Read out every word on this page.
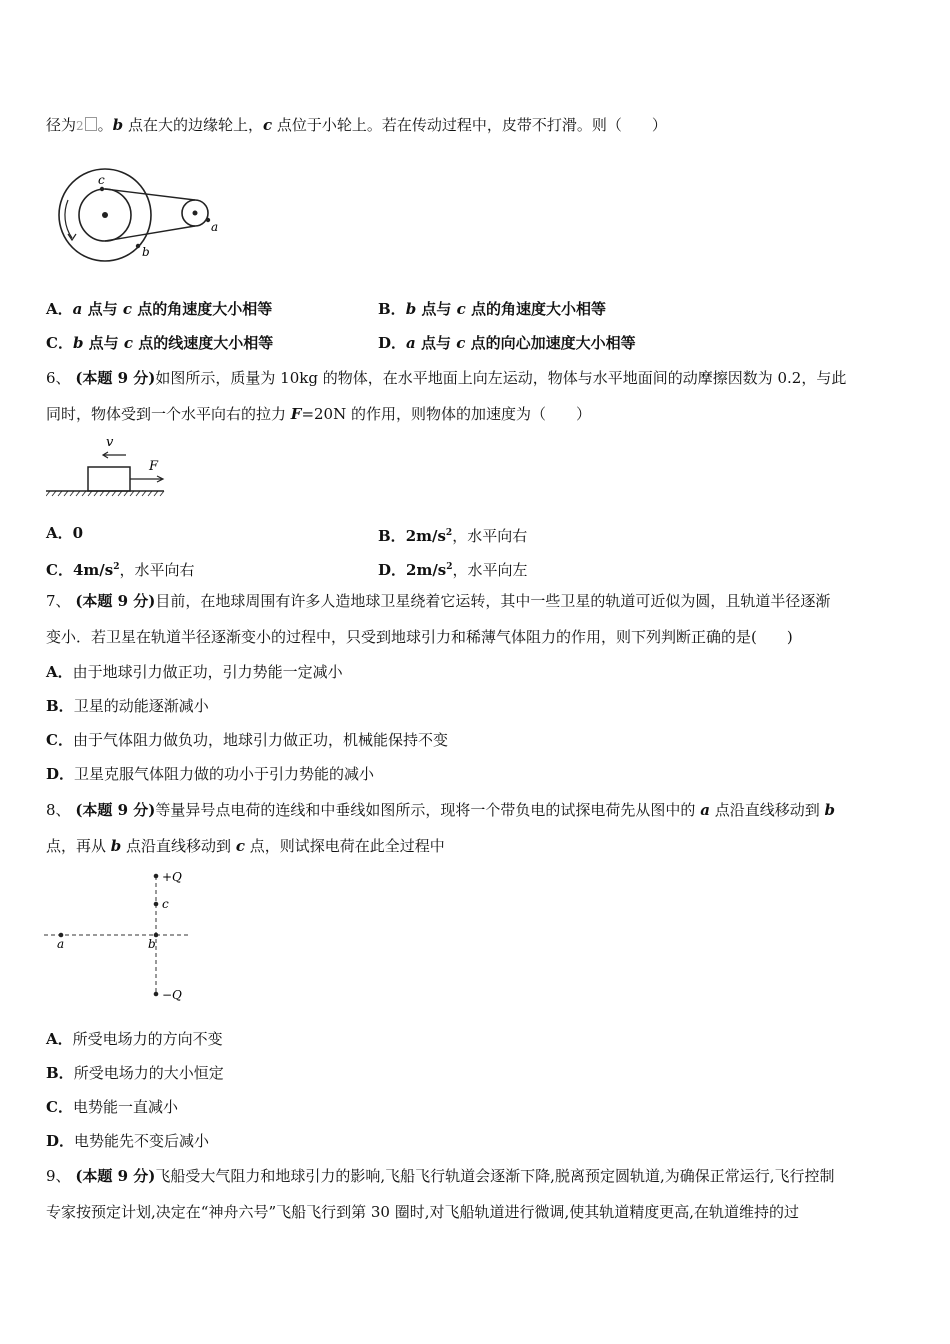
径为2 。b 点在大的边缘轮上，c 点位于小轮上。若在传动过程中，皮带不打滑。则（　　）
c
b
a
A．a 点与 c 点的角速度大小相等	B．b 点与 c 点的角速度大小相等
C．b 点与 c 点的线速度大小相等	D．a 点与 c 点的向心加速度大小相等
6、 (本题 9 分)如图所示，质量为 10kg 的物体，在水平地面上向左运动，物体与水平地面间的动摩擦因数为 0.2，与此
同时，物体受到一个水平向右的拉力 F=20N 的作用，则物体的加速度为（　　）
v
F
A．0	B．$2m/s^2$，水平向右
C．$4m/s^2$，水平向右	D．$2m/s^2$，水平向左
7、 (本题 9 分)目前，在地球周围有许多人造地球卫星绕着它运转，其中一些卫星的轨道可近似为圆，且轨道半径逐渐
变小．若卫星在轨道半径逐渐变小的过程中，只受到地球引力和稀薄气体阻力的作用，则下列判断正确的是(　　)
A．由于地球引力做正功，引力势能一定减小
B．卫星的动能逐渐减小
C．由于气体阻力做负功，地球引力做正功，机械能保持不变
D．卫星克服气体阻力做的功小于引力势能的减小
8、 (本题 9 分)等量异号点电荷的连线和中垂线如图所示，现将一个带负电的试探电荷先从图中的 a 点沿直线移动到 b
点，再从 b 点沿直线移动到 c 点，则试探电荷在此全过程中
+Q
c
b
a
−Q
A．所受电场力的方向不变
B．所受电场力的大小恒定
C．电势能一直减小
D．电势能先不变后减小
9、 (本题 9 分)飞船受大气阻力和地球引力的影响,飞船飞行轨道会逐渐下降,脱离预定圆轨道,为确保正常运行,飞行控制
专家按预定计划,决定在“神舟六号”飞船飞行到第 30 圈时,对飞船轨道进行微调,使其轨道精度更高,在轨道维持的过
